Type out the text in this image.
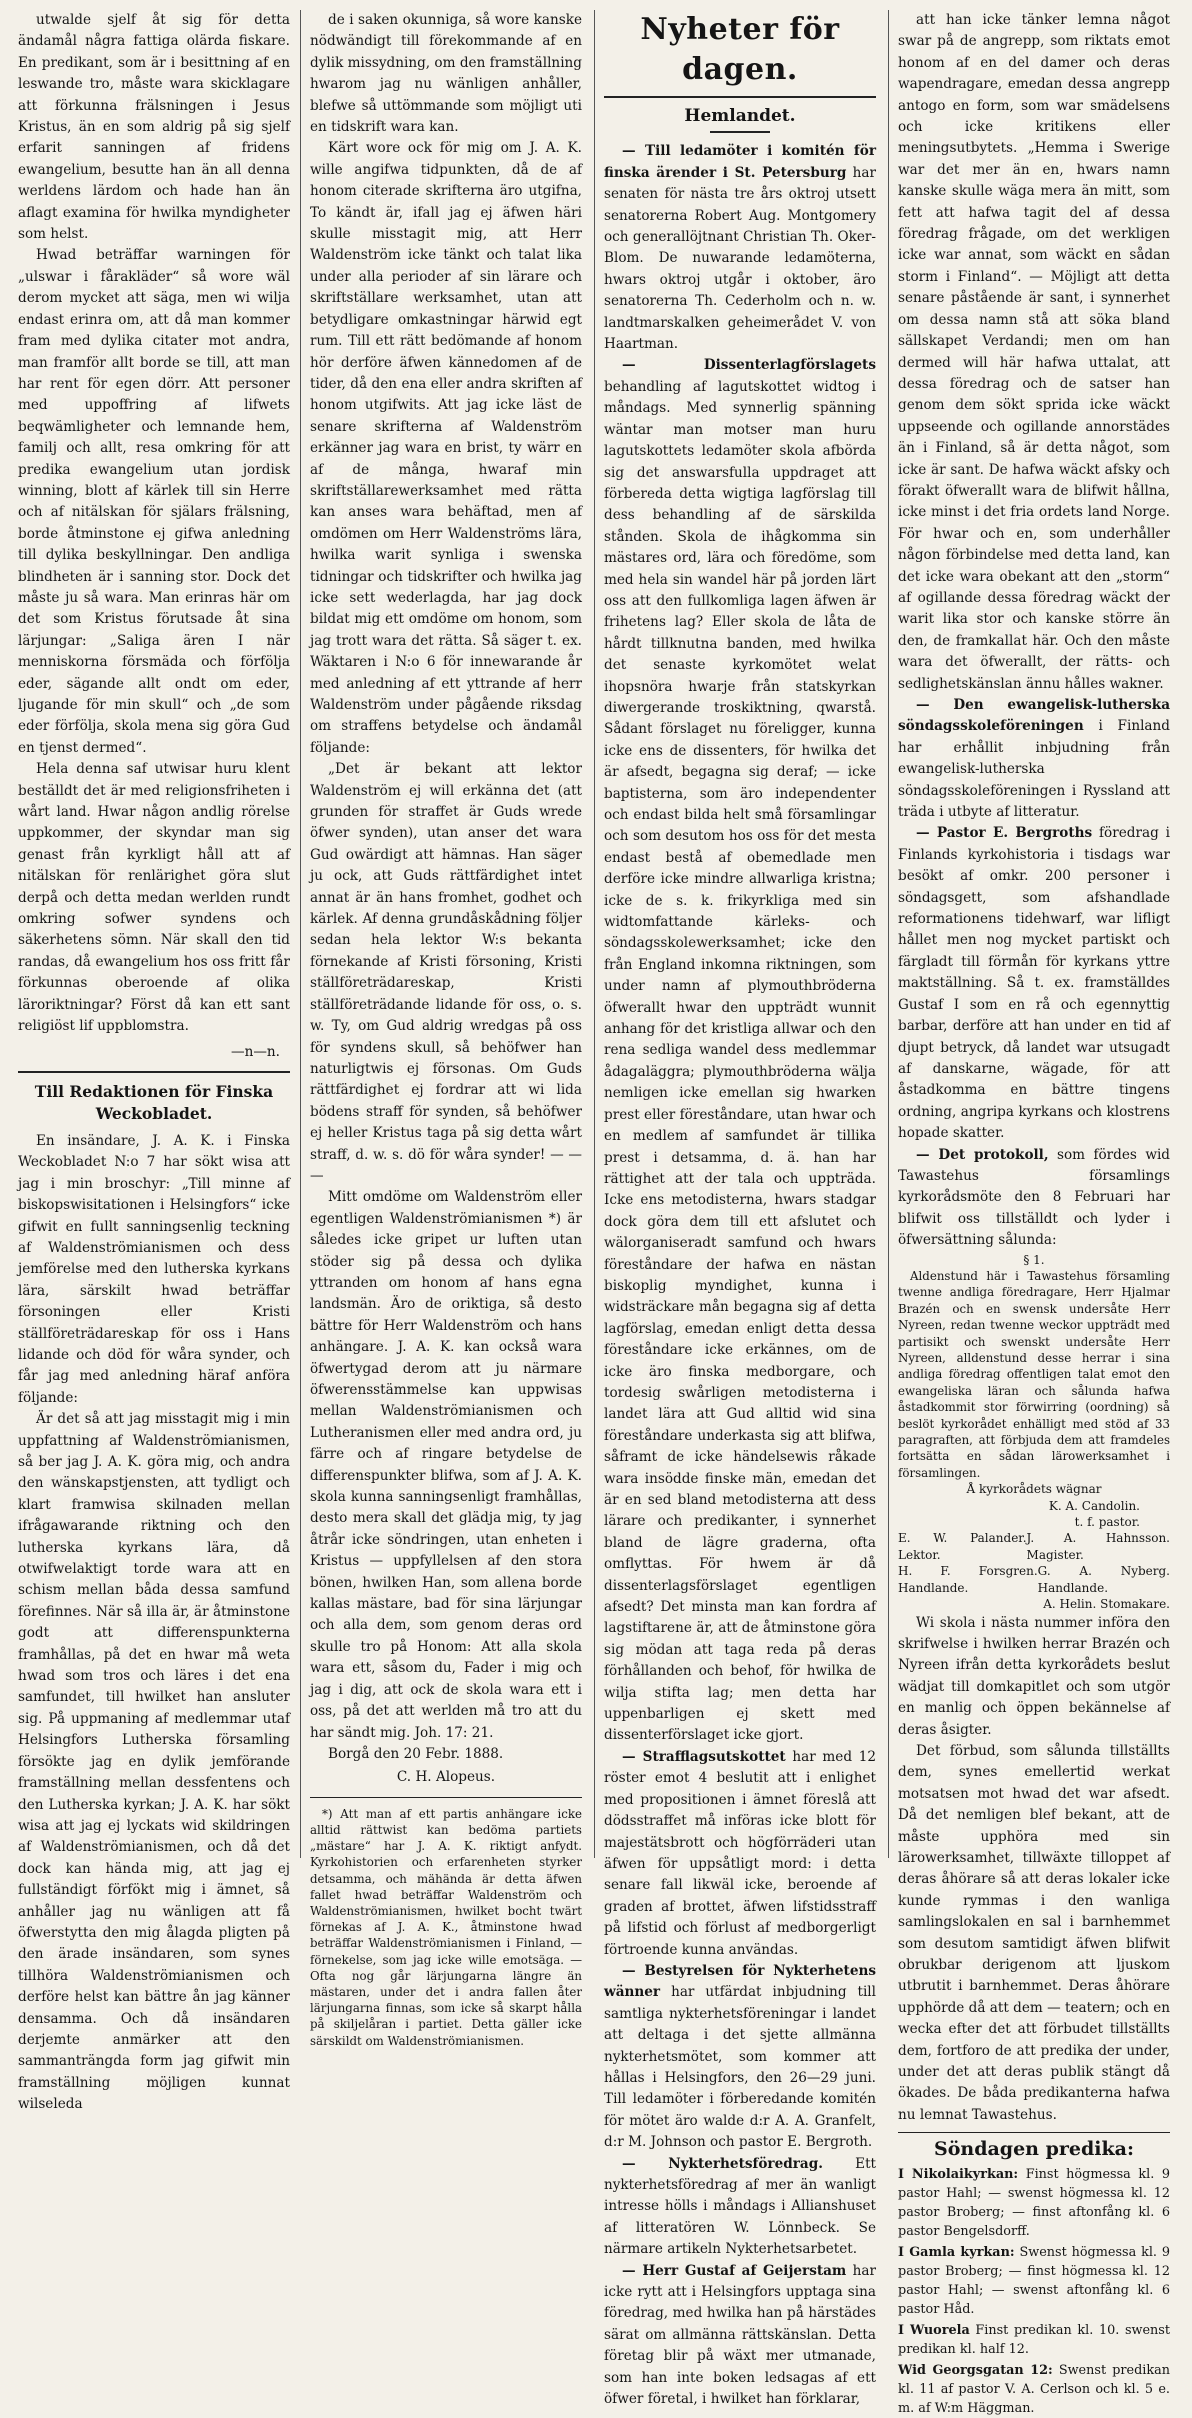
utwalde sjelf åt sig för detta ändamål några fattiga olärda fiskare. En predikant, som är i besittning af en leswande tro, måste wara skicklagare att förkunna frälsningen i Jesus Kristus, än en som aldrig på sig sjelf erfarit sanningen af fridens ewangelium, besutte han än all denna werldens lärdom och hade han än aflagt examina för hwilka myndigheter som helst.

Hwad beträffar warningen för „ulswar i fårakläder“ så wore wäl derom mycket att säga, men wi wilja endast erinra om, att då man kommer fram med dylika citater mot andra, man framför allt borde se till, att man har rent för egen dörr. Att personer med uppoffring af lifwets beqwämligheter och lemnande hem, familj och allt, resa omkring för att predika ewangelium utan jordisk winning, blott af kärlek till sin Herre och af nitälskan för själars frälsning, borde åtminstone ej gifwa anledning till dylika beskyllningar. Den andliga blindheten är i sanning stor. Dock det måste ju så wara. Man erinras här om det som Kristus förutsade åt sina lärjungar: „Saliga ären I när menniskorna försmäda och förfölja eder, sägande allt ondt om eder, ljugande för min skull“ och „de som eder förfölja, skola mena sig göra Gud en tjenst dermed“.

Hela denna saf utwisar huru klent beställdt det är med religionsfriheten i wårt land. Hwar någon andlig rörelse uppkommer, der skyndar man sig genast från kyrkligt håll att af nitälskan för renlärighet göra slut derpå och detta medan werlden rundt omkring sofwer syndens och säkerhetens sömn. När skall den tid randas, då ewangelium hos oss fritt får förkunnas oberoende af olika läroriktningar? Först då kan ett sant religiöst lif uppblomstra.

—n—n.
Till Redaktionen för Finska Weckobladet.

En insändare, J. A. K. i Finska Weckobladet N:o 7 har sökt wisa att jag i min broschyr: „Till minne af biskopswisitationen i Helsingfors“ icke gifwit en fullt sanningsenlig teckning af Waldenströmianismen och dess jemförelse med den lutherska kyrkans lära, särskilt hwad beträffar försoningen eller Kristi ställföreträdareskap för oss i Hans lidande och död för wåra synder, och får jag med anledning häraf anföra följande:

Är det så att jag misstagit mig i min uppfattning af Waldenströmianismen, så ber jag J. A. K. göra mig, och andra den wänskapstjensten, att tydligt och klart framwisa skilnaden mellan ifrågawarande riktning och den lutherska kyrkans lära, då otwifwelaktigt torde wara att en schism mellan båda dessa samfund förefinnes. När så illa är, är åtminstone godt att differenspunkterna framhållas, på det en hwar må weta hwad som tros och läres i det ena samfundet, till hwilket han ansluter sig. På uppmaning af medlemmar utaf Helsingfors Lutherska församling försökte jag en dylik jemförande framställning mellan dessfentens och den Lutherska kyrkan; J. A. K. har sökt wisa att jag ej lyckats wid skildringen af Waldenströmianismen, och då det dock kan hända mig, att jag ej fullständigt förfökt mig i ämnet, så anhåller jag nu wänligen att få öfwerstytta den mig ålagda pligten på den ärade insändaren, som synes tillhöra Waldenströmianismen och derföre helst kan bättre ån jag känner densamma. Och då insändaren derjemte anmärker att den sammanträngda form jag gifwit min framställning möjligen kunnat wilseleda

de i saken okunniga, så wore kanske nödwändigt till förekommande af en dylik missydning, om den framställning hwarom jag nu wänligen anhåller, blefwe så uttömmande som möjligt uti en tidskrift wara kan.

Kärt wore ock för mig om J. A. K. wille angifwa tidpunkten, då de af honom citerade skrifterna äro utgifna, To kändt är, ifall jag ej äfwen häri skulle misstagit mig, att Herr Waldenström icke tänkt och talat lika under alla perioder af sin lärare och skriftställare werksamhet, utan att betydligare omkastningar härwid egt rum. Till ett rätt bedömande af honom hör derföre äfwen kännedomen af de tider, då den ena eller andra skriften af honom utgifwits. Att jag icke läst de senare skrifterna af Waldenström erkänner jag wara en brist, ty wärr en af de många, hwaraf min skriftställarewerksamhet med rätta kan anses wara behäftad, men af omdömen om Herr Waldenströms lära, hwilka warit synliga i swenska tidningar och tidskrifter och hwilka jag icke sett wederlagda, har jag dock bildat mig ett omdöme om honom, som jag trott wara det rätta. Så säger t. ex. Wäktaren i N:o 6 för innewarande år med anledning af ett yttrande af herr Waldenström under pågående riksdag om straffens betydelse och ändamål följande:

„Det är bekant att lektor Waldenström ej will erkänna det (att grunden för straffet är Guds wrede öfwer synden), utan anser det wara Gud owärdigt att hämnas. Han säger ju ock, att Guds rättfärdighet intet annat är än hans fromhet, godhet och kärlek. Af denna grundåskådning följer sedan hela lektor W:s bekanta förnekande af Kristi försoning, Kristi ställföreträdareskap, Kristi ställföreträdande lidande för oss, o. s. w. Ty, om Gud aldrig wredgas på oss för syndens skull, så behöfwer han naturligtwis ej försonas. Om Guds rättfärdighet ej fordrar att wi lida bödens straff för synden, så behöfwer ej heller Kristus taga på sig detta wårt straff, d. w. s. dö för wåra synder! — — —

Mitt omdöme om Waldenström eller egentligen Waldenströmianismen *) är således icke gripet ur luften utan stöder sig på dessa och dylika yttranden om honom af hans egna landsmän. Äro de oriktiga, så desto bättre för Herr Waldenström och hans anhängare. J. A. K. kan också wara öfwertygad derom att ju närmare öfwerensstämmelse kan uppwisas mellan Waldenströmianismen och Lutheranismen eller med andra ord, ju färre och af ringare betydelse de differenspunkter blifwa, som af J. A. K. skola kunna sanningsenligt framhållas, desto mera skall det glädja mig, ty jag åtrår icke söndringen, utan enheten i Kristus — uppfyllelsen af den stora bönen, hwilken Han, som allena borde kallas mästare, bad för sina lärjungar och alla dem, som genom deras ord skulle tro på Honom: Att alla skola wara ett, såsom du, Fader i mig och jag i dig, att ock de skola wara ett i oss, på det att werlden må tro att du har sändt mig. Joh. 17: 21.

Borgå den 20 Febr. 1888.

C. H. Alopeus.

*) Att man af ett partis anhängare icke alltid rättwist kan bedöma partiets „mästare“ har J. A. K. riktigt anfydt. Kyrkohistorien och erfarenheten styrker detsamma, och mähända är detta äfwen fallet hwad beträffar Waldenström och Waldenströmianismen, hwilket bocht twärt förnekas af J. A. K., åtminstone hwad beträffar Waldenströmianismen i Finland, — förnekelse, som jag icke wille emotsäga. — Ofta nog går lärjungarna längre än mästaren, under det i andra fallen åter lärjungarna finnas, som icke så skarpt hålla på skiljelåran i partiet. Detta gäller icke särskildt om Waldenströmianismen.

Nyheter för dagen.
Hemlandet.

— Till ledamöter i komitén för finska ärender i St. Petersburg har senaten för nästa tre års oktroj utsett senatorerna Robert Aug. Montgomery och generallöjtnant Christian Th. Oker-Blom. De nuwarande ledamöterna, hwars oktroj utgår i oktober, äro senatorerna Th. Cederholm och n. w. landtmarskalken geheimerådet V. von Haartman.

— Dissenterlagförslagets behandling af lagutskottet widtog i måndags. Med synnerlig spänning wäntar man motser man huru lagutskottets ledamöter skola afbörda sig det answarsfulla uppdraget att förbereda detta wigtiga lagförslag till dess behandling af de särskilda stånden. Skola de ihågkomma sin mästares ord, lära och föredöme, som med hela sin wandel här på jorden lärt oss att den fullkomliga lagen äfwen är frihetens lag? Eller skola de låta de hårdt tillknutna banden, med hwilka det senaste kyrkomötet welat ihopsnöra hwarje från statskyrkan diwergerande troskiktning, qwarstå. Sådant förslaget nu föreligger, kunna icke ens de dissenters, för hwilka det är afsedt, begagna sig deraf; — icke baptisterna, som äro independenter och endast bilda helt små församlingar och som desutom hos oss för det mesta endast bestå af obemedlade men derföre icke mindre allwarliga kristna; icke de s. k. frikyrkliga med sin widtomfattande kärleks- och söndagsskolewerksamhet; icke den från England inkomna riktningen, som under namn af plymouthbröderna öfwerallt hwar den uppträdt wunnit anhang för det kristliga allwar och den rena sedliga wandel dess medlemmar ådagaläggra; plymouthbröderna wälja nemligen icke emellan sig hwarken prest eller föreståndare, utan hwar och en medlem af samfundet är tillika prest i detsamma, d. ä. han har rättighet att der tala och uppträda. Icke ens metodisterna, hwars stadgar dock göra dem till ett afslutet och wälorganiseradt samfund och hwars föreståndare der hafwa en nästan biskoplig myndighet, kunna i widsträckare mån begagna sig af detta lagförslag, emedan enligt detta dessa föreståndare icke erkännes, om de icke äro finska medborgare, och tordesig swårligen metodisterna i landet lära att Gud alltid wid sina föreståndare underkasta sig att blifwa, såframt de icke händelsewis råkade wara insödde finske män, emedan det är en sed bland metodisterna att dess lärare och predikanter, i synnerhet bland de lägre graderna, ofta omflyttas. För hwem är då dissenterlagsförslaget egentligen afsedt? Det minsta man kan fordra af lagstiftarene är, att de åtminstone göra sig mödan att taga reda på deras förhållanden och behof, för hwilka de wilja stifta lag; men detta har uppenbarligen ej skett med dissenterförslaget icke gjort.

— Strafflagsutskottet har med 12 röster emot 4 beslutit att i enlighet med propositionen i ämnet föreslå att dödsstraffet må införas icke blott för majestätsbrott och högförräderi utan äfwen för uppsåtligt mord: i detta senare fall likwäl icke, beroende af graden af brottet, äfwen lifstidsstraff på lifstid och förlust af medborgerligt förtroende kunna användas.

— Bestyrelsen för Nykterhetens wänner har utfärdat inbjudning till samtliga nykterhetsföreningar i landet att deltaga i det sjette allmänna nykterhetsmötet, som kommer att hållas i Helsingfors, den 26—29 juni. Till ledamöter i förberedande komitén för mötet äro walde d:r A. A. Granfelt, d:r M. Johnson och pastor E. Bergroth.

— Nykterhetsföredrag. Ett nykterhetsföredrag af mer än wanligt intresse hölls i måndags i Allianshuset af litteratören W. Lönnbeck. Se närmare artikeln Nykterhetsarbetet.

— Herr Gustaf af Geijerstam har icke rytt att i Helsingfors upptaga sina föredrag, med hwilka han på härstädes särat om allmänna rättskänslan. Detta företag blir på wäxt mer utmanade, som han inte boken ledsagas af ett öfwer företal, i hwilket han förklarar,

att han icke tänker lemna något swar på de angrepp, som riktats emot honom af en del damer och deras wapendragare, emedan dessa angrepp antogo en form, som war smädelsens och icke kritikens eller meningsutbytets. „Hemma i Swerige war det mer än en, hwars namn kanske skulle wäga mera än mitt, som fett att hafwa tagit del af dessa föredrag frågade, om det werkligen icke war annat, som wäckt en sådan storm i Finland“. — Möjligt att detta senare påstående är sant, i synnerhet om dessa namn stå att söka bland sällskapet Verdandi; men om han dermed will här hafwa uttalat, att dessa föredrag och de satser han genom dem sökt sprida icke wäckt uppseende och ogillande annorstädes än i Finland, så är detta något, som icke är sant. De hafwa wäckt afsky och förakt öfwerallt wara de blifwit hållna, icke minst i det fria ordets land Norge. För hwar och en, som underhåller någon förbindelse med detta land, kan det icke wara obekant att den „storm“ af ogillande dessa föredrag wäckt der warit lika stor och kanske större än den, de framkallat här. Och den måste wara det öfwerallt, der rätts- och sedlighetskänslan ännu hålles wakner.

— Den ewangelisk-lutherska söndagsskoleföreningen i Finland har erhållit inbjudning från ewangelisk-lutherska söndagsskoleföreningen i Ryssland att träda i utbyte af litteratur.

— Pastor E. Bergroths föredrag i Finlands kyrkohistoria i tisdags war besökt af omkr. 200 personer i söndagsgett, som afshandlade reformationens tidehwarf, war lifligt hållet men nog mycket partiskt och färgladt till förmån för kyrkans yttre maktställning. Så t. ex. framställdes Gustaf I som en rå och egennyttig barbar, derföre att han under en tid af djupt betryck, då landet war utsugadt af danskarne, wägade, för att åstadkomma en bättre tingens ordning, angripa kyrkans och klostrens hopade skatter.

— Det protokoll, som fördes wid Tawastehus församlings kyrkorådsmöte den 8 Februari har blifwit oss tillställdt och lyder i öfwersättning sålunda:

§ 1.

Aldenstund här i Tawastehus församling twenne andliga föredragare, Herr Hjalmar Brazén och en swensk undersåte Herr Nyreen, redan twenne weckor uppträdt med partisikt och swenskt undersåte Herr Nyreen, alldenstund desse herrar i sina andliga föredrag offentligen talat emot den ewangeliska läran och sålunda hafwa åstadkommit stor förwirring (oordning) så beslöt kyrkorådet enhälligt med stöd af 33 paragraften, att förbjuda dem att framdeles fortsätta en sådan lärowerksamhet i församlingen.

Å kyrkorådets wägnar
K. A. Candolin.
t. f. pastor.
E. W. Palander. Lektor.
J. A. Hahnsson. Magister.
H. F. Forsgren. Handlande.
G. A. Nyberg. Handlande.
A. Helin. Stomakare.

Wi skola i nästa nummer införa den skrifwelse i hwilken herrar Brazén och Nyreen ifrån detta kyrkorådets beslut wädjat till domkapitlet och som utgör en manlig och öppen bekännelse af deras åsigter.

Det förbud, som sålunda tillställts dem, synes emellertid werkat motsatsen mot hwad det war afsedt. Då det nemligen blef bekant, att de måste upphöra med sin lärowerksamhet, tillwäxte tilloppet af deras åhörare så att deras lokaler icke kunde rymmas i den wanliga samlingslokalen en sal i barnhemmet som desutom samtidigt äfwen blifwit obrukbar derigenom att ljuskom utbrutit i barnhemmet. Deras åhörare upphörde då att dem — teatern; och en wecka efter det att förbudet tillställts dem, fortforo de att predika der under, under det att deras publik stängt då ökades. De båda predikanterna hafwa nu lemnat Tawastehus.

Söndagen predika:
I Nikolaikyrkan: Finst högmessa kl. 9 pastor Hahl; — swenst högmessa kl. 12 pastor Broberg; — finst aftonfång kl. 6 pastor Bengelsdorff.
I Gamla kyrkan: Swenst högmessa kl. 9 pastor Broberg; — finst högmessa kl. 12 pastor Hahl; — swenst aftonfång kl. 6 pastor Håd.
I Wuorela Finst predikan kl. 10. swenst predikan kl. half 12.
Wid Georgsgatan 12: Swenst predikan kl. 11 af pastor V. A. Cerlson och kl. 5 e. m. af W:m Häggman.
